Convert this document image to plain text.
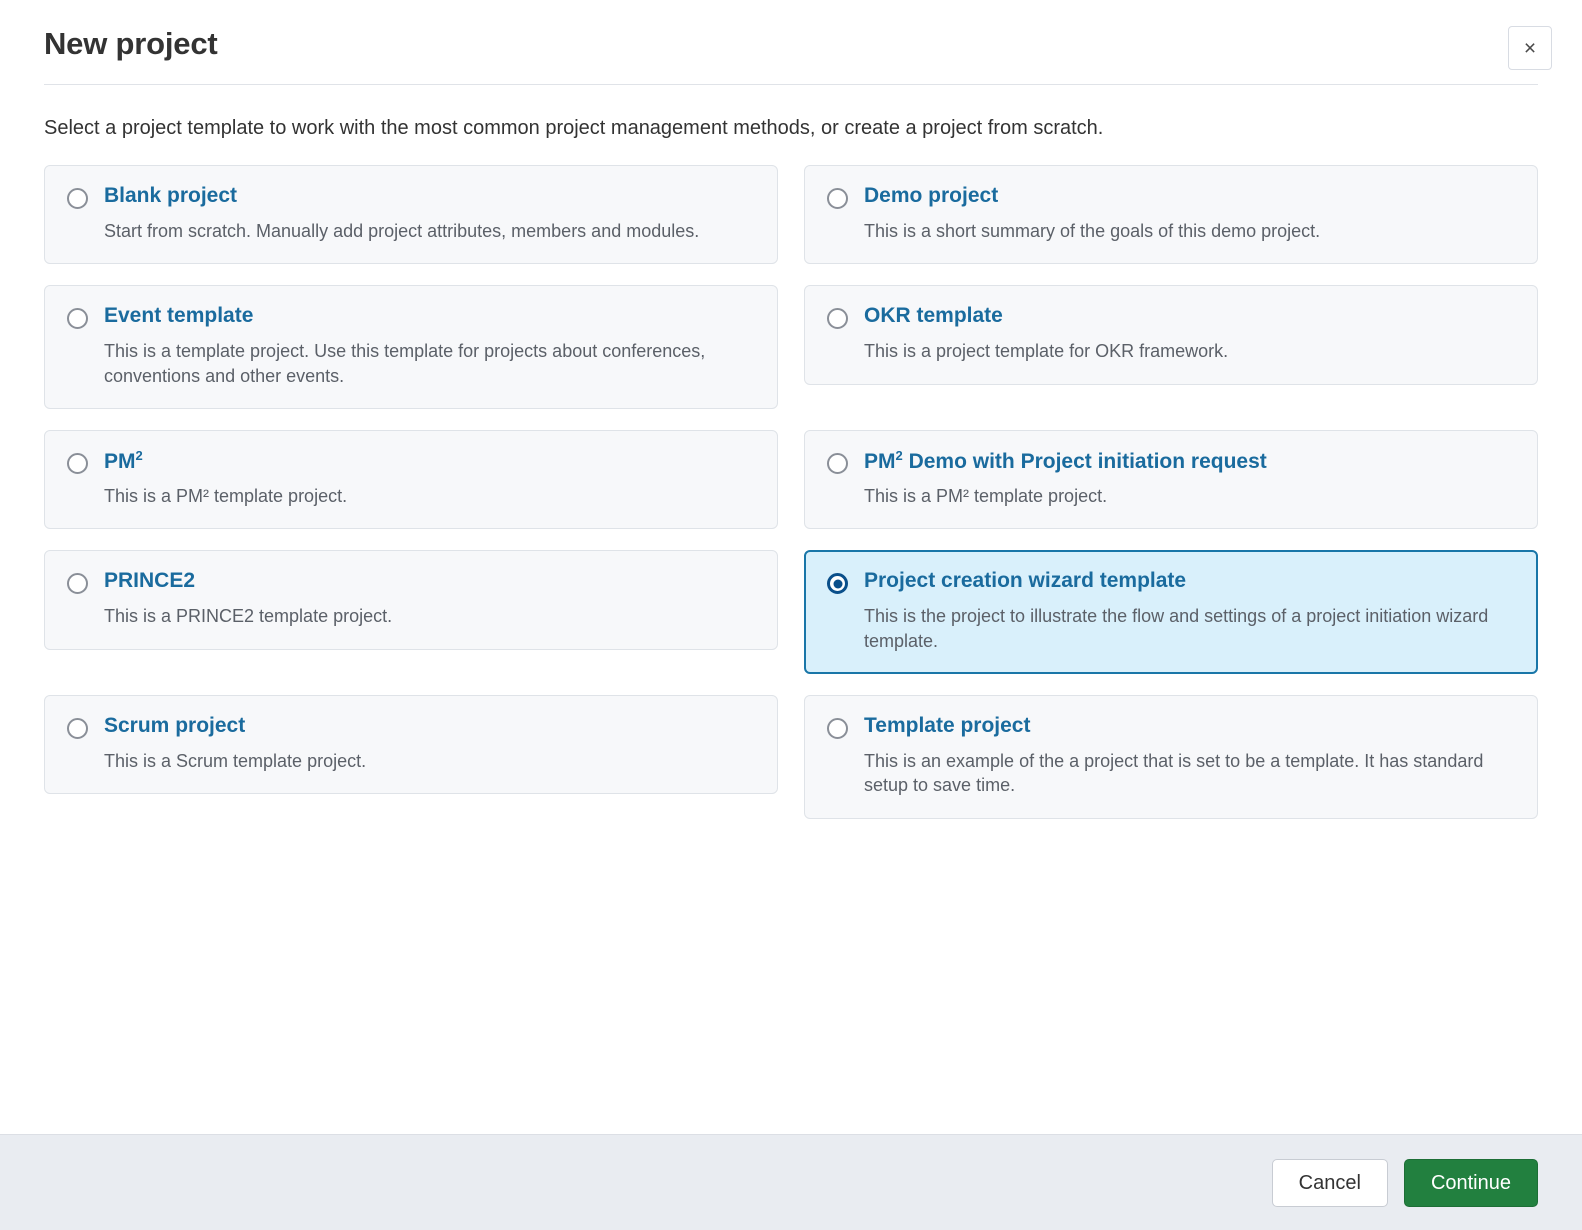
New project	×

Select a project template to work with the most common project management methods, or create a project from scratch.

Blank project
Start from scratch. Manually add project attributes, members and modules.
Demo project
This is a short summary of the goals of this demo project.
Event template
This is a template project. Use this template for projects about conferences, conventions and other events.
OKR template
This is a project template for OKR framework.
$PM^2$
This is a PM² template project.
$PM^2$ Demo with Project initiation request
This is a PM² template project.
PRINCE2
This is a PRINCE2 template project.
Project creation wizard template
This is the project to illustrate the flow and settings of a project initiation wizard template.
Scrum project
This is a Scrum template project.
Template project
This is an example of the a project that is set to be a template. It has standard setup to save time.
Cancel	Continue
